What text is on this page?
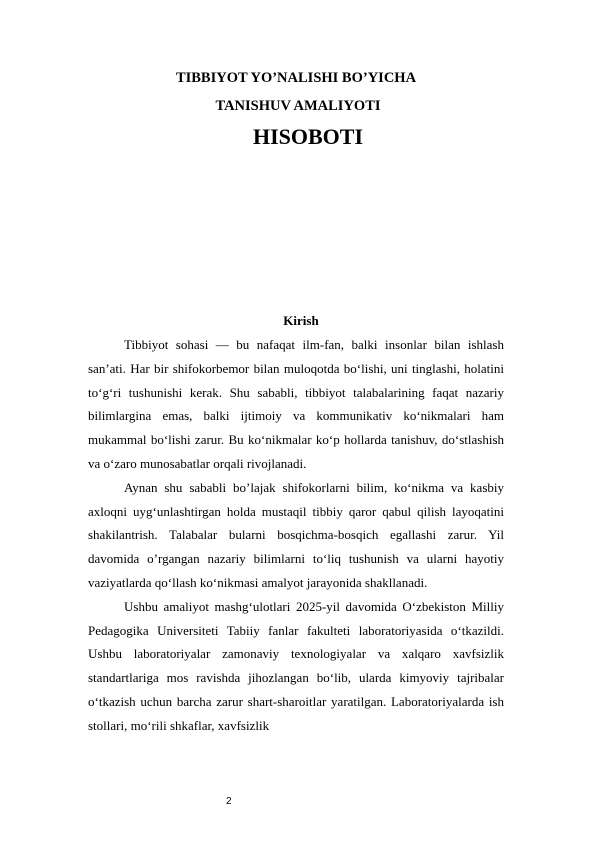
TIBBIYOT YO’NALISHI BO’YICHA
TANISHUV AMALIYOTI
HISOBOTI
Kirish

Tibbiyot sohasi — bu nafaqat ilm-fan, balki insonlar bilan ishlash san’ati. Har bir shifokorbemor bilan muloqotda bo‘lishi, uni tinglashi, holatini to‘g‘ri tushunishi kerak. Shu sababli, tibbiyot talabalarining faqat nazariy bilimlargina emas, balki ijtimoiy va kommunikativ ko‘nikmalari ham mukammal bo‘lishi zarur. Bu ko‘nikmalar ko‘p hollarda tanishuv, do‘stlashish va o‘zaro munosabatlar orqali rivojlanadi.

Aynan shu sababli bo’lajak shifokorlarni bilim, ko‘nikma va kasbiy axloqni uyg‘unlashtirgan holda mustaqil tibbiy qaror qabul qilish layoqatini shakilantrish. Talabalar bularni bosqichma-bosqich egallashi zarur. Yil davomida o’rgangan nazariy bilimlarni to‘liq tushunish va ularni hayotiy vaziyatlarda qo‘llash ko‘nikmasi amalyot jarayonida shakllanadi.

Ushbu amaliyot mashg‘ulotlari 2025-yil davomida O‘zbekiston Milliy Pedagogika Universiteti Tabiiy fanlar fakulteti laboratoriyasida o‘tkazildi. Ushbu laboratoriyalar zamonaviy texnologiyalar va xalqaro xavfsizlik standartlariga mos ravishda jihozlangan bo‘lib, ularda kimyoviy tajribalar o‘tkazish uchun barcha zarur shart-sharoitlar yaratilgan. Laboratoriyalarda ish stollari, mo‘rili shkaflar, xavfsizlik

2
